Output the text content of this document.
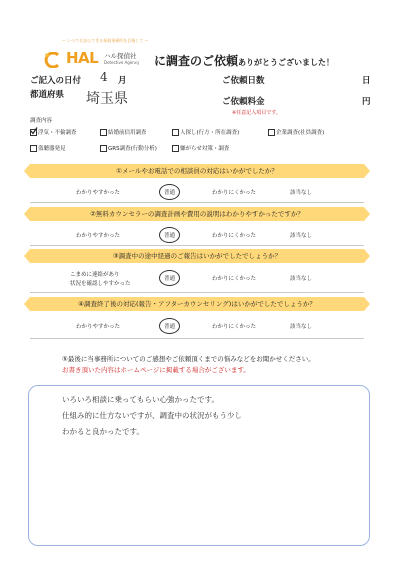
～ いつでも安心できる探偵事務所を目指して ～
HAL ハル探偵社
Detective Agency に調査のご依頼ありがとうございました！
ご記入の日付 4 月
都道府県 埼玉県
ご依頼日数	日
ご依頼料金	円
※任意記入項目です。
調査内容
浮気・不倫調査	結婚前信用調査	人探し(行方・所在調査)	企業調査(社員調査)
盗聴器発見	GRS調査(行動分析)	嫌がらせ対策・調査
①メールやお電話での相談員の対応はいかがでしたか？
わかりやすかった	普通	わかりにくかった	該当なし
②無料カウンセラーの調査計画や費用の説明はわかりやすかったですか？
わかりやすかった	普通	わかりにくかった	該当なし
③調査中の途中経過のご報告はいかがでしたでしょうか？
こまめに連絡があり
状況を確認しやすかった
普通	わかりにくかった	該当なし
④調査終了後の対応(報告・アフターカウンセリング)はいかがでしたでしょうか？
わかりやすかった	普通	わかりにくかった	該当なし
⑤最後に当事務所についてのご感想やご依頼頂くまでの悩みなどをお聞かせください。
お書き頂いた内容はホームページに掲載する場合がございます。
いろいろ相談に乗ってもらい心強かったです。
仕組み的に仕方ないですが、調査中の状況がもう少し
わかると良かったです。
